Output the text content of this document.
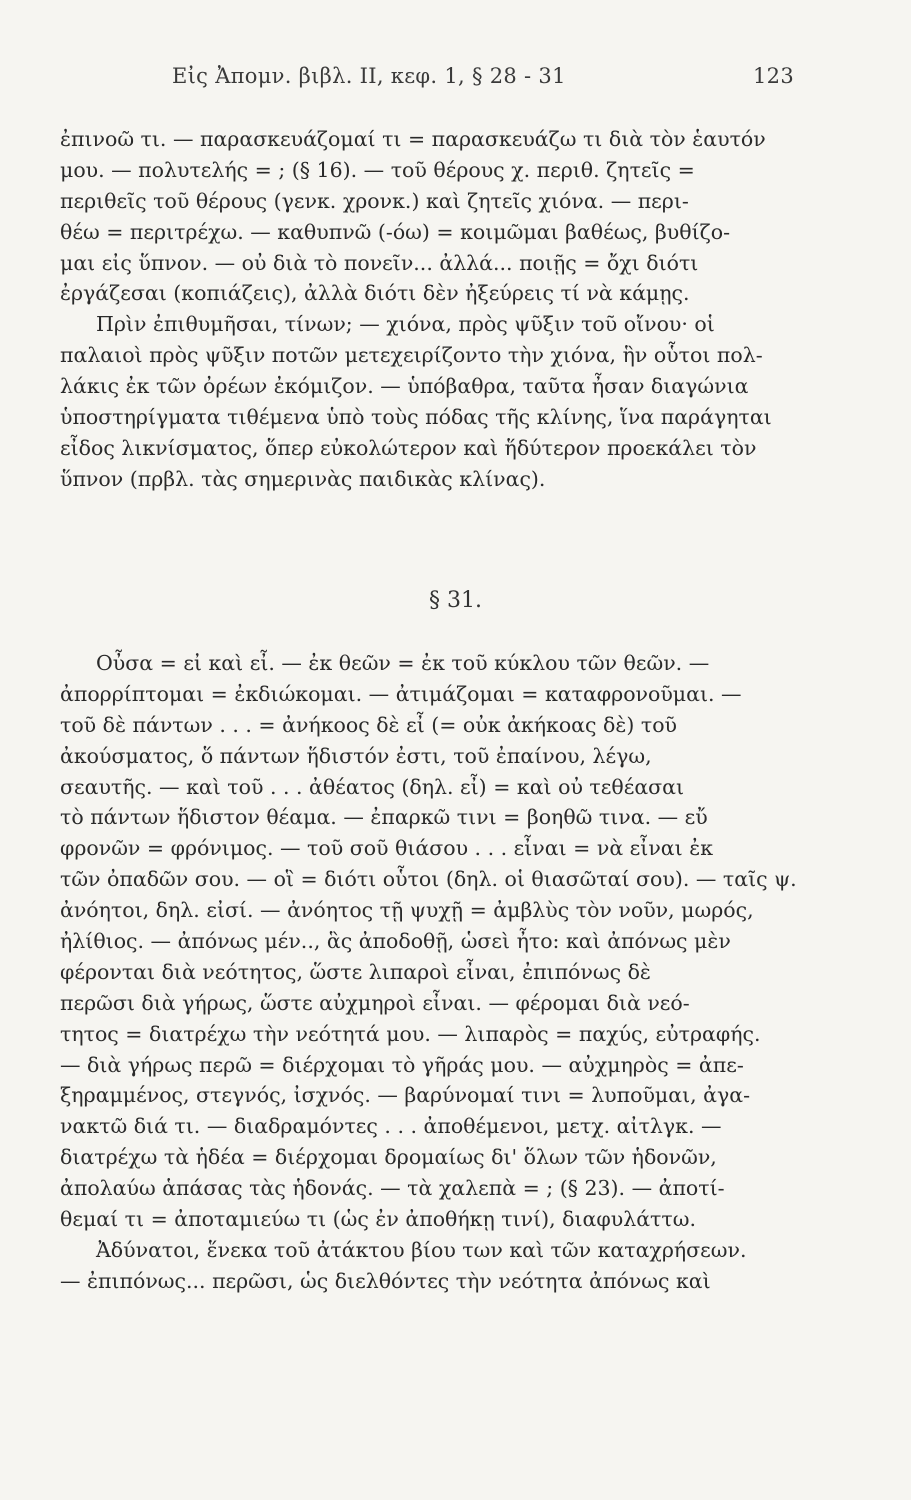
Εἰς Ἀπομν. βιβλ. II, κεφ. 1, § 28 - 31	123
ἐπινοῶ τι. — παρασκευάζομαί τι = παρασκευάζω τι διὰ τὸν ἑαυτόν
μου. — πολυτελής = ; (§ 16). — τοῦ θέρους χ. περιθ. ζητεῖς =
περιθεῖς τοῦ θέρους (γενκ. χρονκ.) καὶ ζητεῖς χιόνα. — περι-
θέω = περιτρέχω. — καθυπνῶ (-όω) = κοιμῶμαι βαθέως, βυθίζο-
μαι εἰς ὕπνον. — οὐ διὰ τὸ πονεῖν... ἀλλά... ποιῇς = ὄχι διότι
ἐργάζεσαι (κοπιάζεις), ἀλλὰ διότι δὲν ἠξεύρεις τί νὰ κάμῃς.
Πρὶν ἐπιθυμῆσαι, τίνων; — χιόνα, πρὸς ψῦξιν τοῦ οἴνου· οἱ
παλαιοὶ πρὸς ψῦξιν ποτῶν μετεχειρίζοντο τὴν χιόνα, ἣν οὗτοι πολ-
λάκις ἐκ τῶν ὀρέων ἐκόμιζον. — ὑπόβαθρα, ταῦτα ἦσαν διαγώνια
ὑποστηρίγματα τιθέμενα ὑπὸ τοὺς πόδας τῆς κλίνης, ἵνα παράγηται
εἶδος λικνίσματος, ὅπερ εὐκολώτερον καὶ ἥδύτερον προεκάλει τὸν
ὕπνον (πρβλ. τὰς σημερινὰς παιδικὰς κλίνας).
§ 31.
Οὖσα = εἰ καὶ εἶ. — ἐκ θεῶν = ἐκ τοῦ κύκλου τῶν θεῶν. —
ἀπορρίπτομαι = ἐκδιώκομαι. — ἀτιμάζομαι = καταφρονοῦμαι. —
τοῦ δὲ πάντων . . . = ἀνήκοος δὲ εἶ (= οὐκ ἀκήκοας δὲ) τοῦ
ἀκούσματος, ὅ πάντων ἥδιστόν ἐστι, τοῦ ἐπαίνου, λέγω,
σεαυτῆς. — καὶ τοῦ . . . ἀθέατος (δηλ. εἶ) = καὶ οὐ τεθέασαι
τὸ πάντων ἥδιστον θέαμα. — ἐπαρκῶ τινι = βοηθῶ τινα. — εὔ
φρονῶν = φρόνιμος. — τοῦ σοῦ θιάσου . . . εἶναι = νὰ εἶναι ἐκ
τῶν ὀπαδῶν σου. — οἳ = διότι οὗτοι (δηλ. οἱ θιασῶταί σου). — ταῖς ψ.
ἀνόητοι, δηλ. εἰσί. — ἀνόητος τῇ ψυχῇ = ἀμβλὺς τὸν νοῦν, μωρός,
ἠλίθιος. — ἀπόνως μέν.., ἃς ἀποδοθῇ, ὡσεὶ ἦτο: καὶ ἀπόνως μὲν
φέρονται διὰ νεότητος, ὥστε λιπαροὶ εἶναι, ἐπιπόνως δὲ
περῶσι διὰ γήρως, ὥστε αὐχμηροὶ εἶναι. — φέρομαι διὰ νεό-
τητος = διατρέχω τὴν νεότητά μου. — λιπαρὸς = παχύς, εὐτραφής.
— διὰ γήρως περῶ = διέρχομαι τὸ γῆράς μου. — αὐχμηρὸς = ἀπε-
ξηραμμένος, στεγνός, ἰσχνός. — βαρύνομαί τινι = λυποῦμαι, ἀγα-
νακτῶ διά τι. — διαδραμόντες . . . ἀποθέμενοι, μετχ. αἰτλγκ. —
διατρέχω τὰ ἡδέα = διέρχομαι δρομαίως δι' ὅλων τῶν ἡδονῶν,
ἀπολαύω ἁπάσας τὰς ἡδονάς. — τὰ χαλεπὰ = ; (§ 23). — ἀποτί-
θεμαί τι = ἀποταμιεύω τι (ὡς ἐν ἀποθήκῃ τινί), διαφυλάττω.
Ἀδύνατοι, ἕνεκα τοῦ ἀτάκτου βίου των καὶ τῶν καταχρήσεων.
— ἐπιπόνως... περῶσι, ὡς διελθόντες τὴν νεότητα ἀπόνως καὶ
